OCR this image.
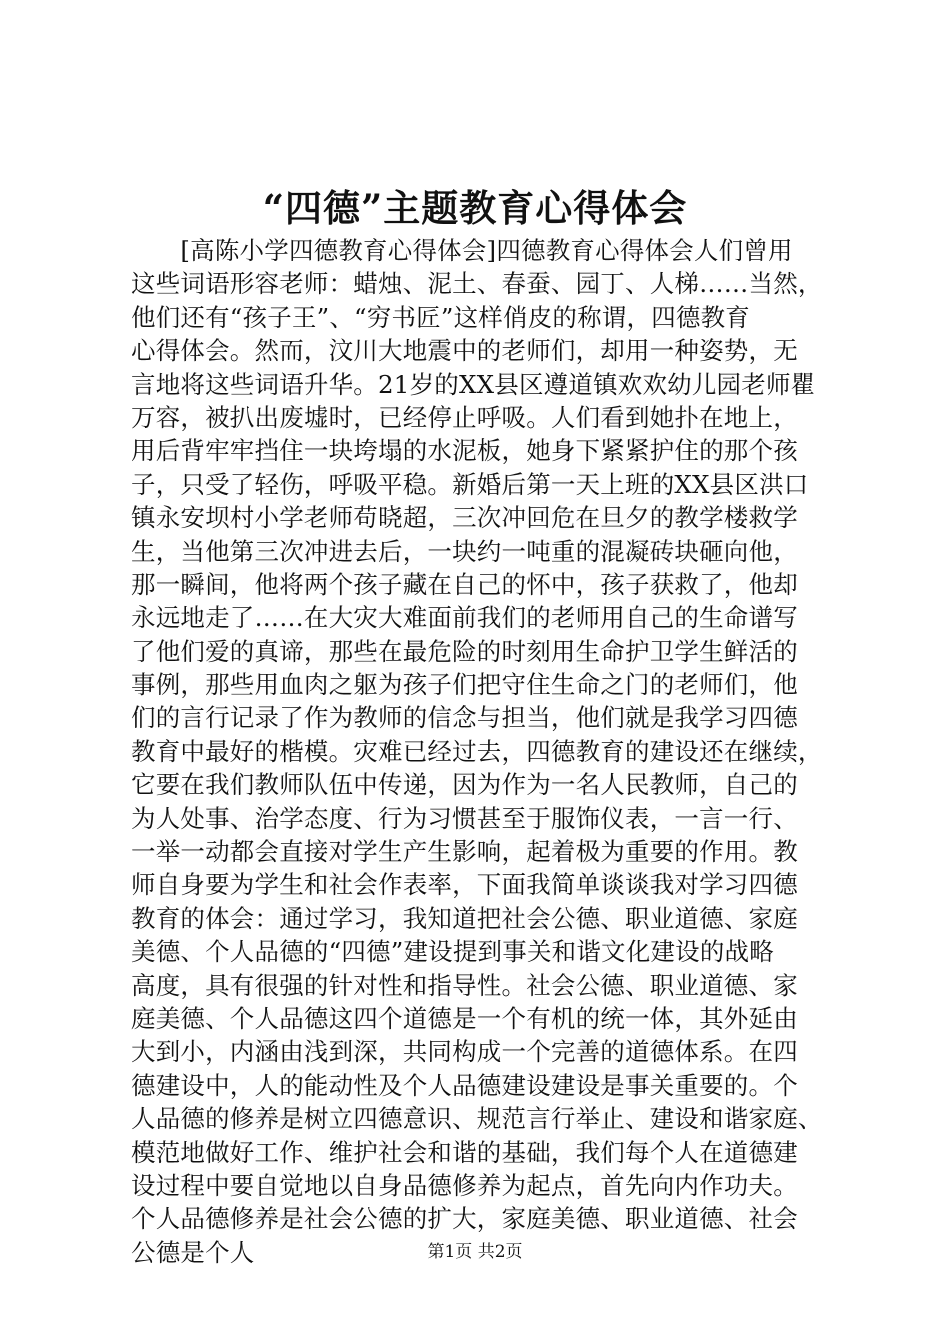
“四德”主题教育心得体会
　　[高陈小学四德教育心得体会]四德教育心得体会人们曾用
这些词语形容老师：蜡烛、泥土、春蚕、园丁、人梯……当然，
他们还有“孩子王”、“穷书匠”这样俏皮的称谓，四德教育
心得体会。然而，汶川大地震中的老师们，却用一种姿势，无
言地将这些词语升华。21岁的XX县区遵道镇欢欢幼儿园老师瞿
万容，被扒出废墟时，已经停止呼吸。人们看到她扑在地上，
用后背牢牢挡住一块垮塌的水泥板，她身下紧紧护住的那个孩
子，只受了轻伤，呼吸平稳。新婚后第一天上班的XX县区洪口
镇永安坝村小学老师苟晓超，三次冲回危在旦夕的教学楼救学
生，当他第三次冲进去后，一块约一吨重的混凝砖块砸向他，
那一瞬间，他将两个孩子藏在自己的怀中，孩子获救了，他却
永远地走了……在大灾大难面前我们的老师用自己的生命谱写
了他们爱的真谛，那些在最危险的时刻用生命护卫学生鲜活的
事例，那些用血肉之躯为孩子们把守住生命之门的老师们，他
们的言行记录了作为教师的信念与担当，他们就是我学习四德
教育中最好的楷模。灾难已经过去，四德教育的建设还在继续，
它要在我们教师队伍中传递，因为作为一名人民教师，自己的
为人处事、治学态度、行为习惯甚至于服饰仪表，一言一行、
一举一动都会直接对学生产生影响，起着极为重要的作用。教
师自身要为学生和社会作表率，下面我简单谈谈我对学习四德
教育的体会：通过学习，我知道把社会公德、职业道德、家庭
美德、个人品德的“四德”建设提到事关和谐文化建设的战略
高度，具有很强的针对性和指导性。社会公德、职业道德、家
庭美德、个人品德这四个道德是一个有机的统一体，其外延由
大到小，内涵由浅到深，共同构成一个完善的道德体系。在四
德建设中，人的能动性及个人品德建设建设是事关重要的。个
人品德的修养是树立四德意识、规范言行举止、建设和谐家庭、
模范地做好工作、维护社会和谐的基础，我们每个人在道德建
设过程中要自觉地以自身品德修养为起点，首先向内作功夫。
个人品德修养是社会公德的扩大，家庭美德、职业道德、社会
公德是个人	第1页 共2页
